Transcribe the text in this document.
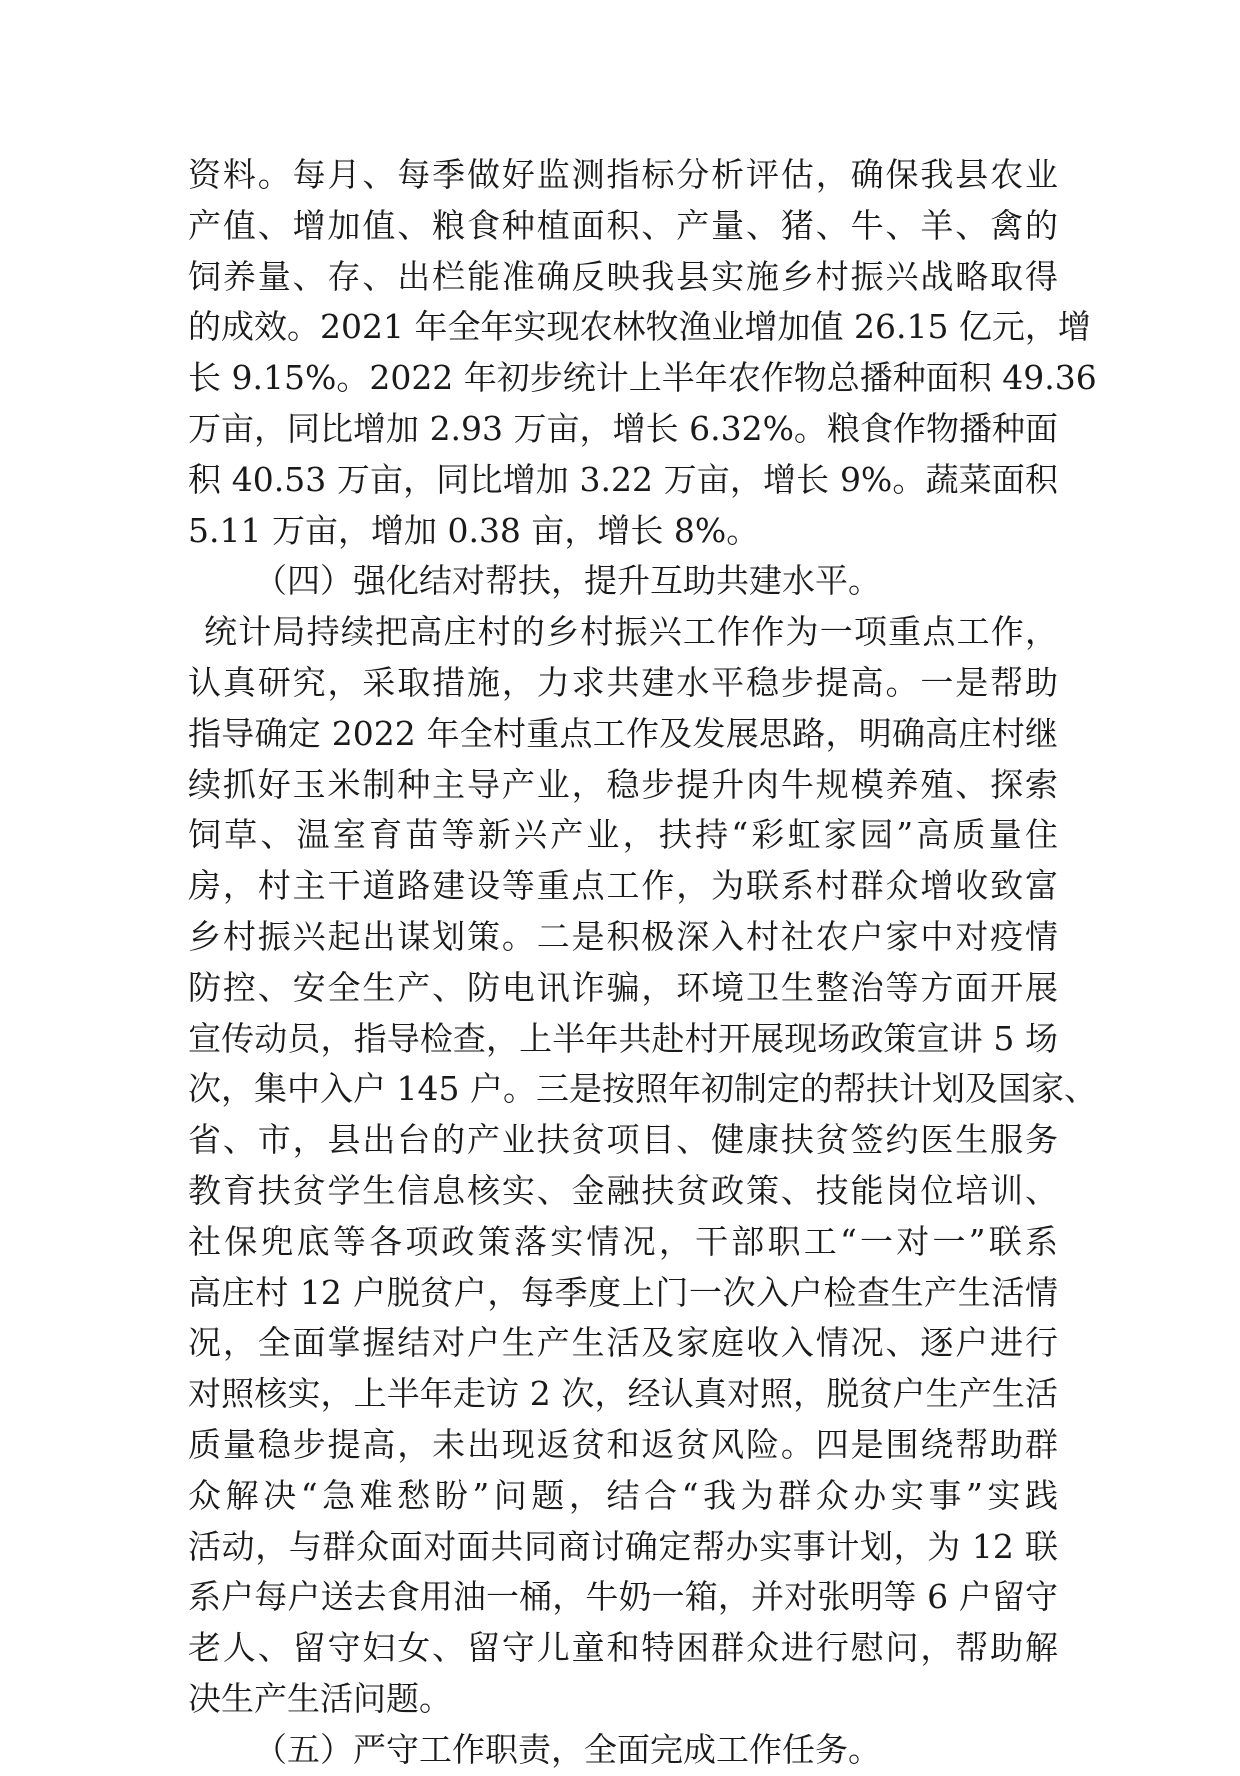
资料。每月、每季做好监测指标分析评估，确保我县农业
产值、增加值、粮食种植面积、产量、猪、牛、羊、禽的
饲养量、存、出栏能准确反映我县实施乡村振兴战略取得
的成效。2021 年全年实现农林牧渔业增加值 26.15 亿元，增
长 9.15%。2022 年初步统计上半年农作物总播种面积 49.36
万亩，同比增加 2.93 万亩，增长 6.32%。粮食作物播种面
积 40.53 万亩，同比增加 3.22 万亩，增长 9%。蔬菜面积
5.11 万亩，增加 0.38 亩，增长 8%。
（四）强化结对帮扶，提升互助共建水平。
统计局持续把高庄村的乡村振兴工作作为一项重点工作，
认真研究，采取措施，力求共建水平稳步提高。一是帮助
指导确定 2022 年全村重点工作及发展思路，明确高庄村继
续抓好玉米制种主导产业，稳步提升肉牛规模养殖、探索
饲草、温室育苗等新兴产业，扶持“彩虹家园”高质量住
房，村主干道路建设等重点工作，为联系村群众增收致富
乡村振兴起出谋划策。二是积极深入村社农户家中对疫情
防控、安全生产、防电讯诈骗，环境卫生整治等方面开展
宣传动员，指导检查，上半年共赴村开展现场政策宣讲 5 场
次，集中入户 145 户。三是按照年初制定的帮扶计划及国家、
省、市，县出台的产业扶贫项目、健康扶贫签约医生服务
教育扶贫学生信息核实、金融扶贫政策、技能岗位培训、
社保兜底等各项政策落实情况，干部职工“一对一”联系
高庄村 12 户脱贫户，每季度上门一次入户检查生产生活情
况，全面掌握结对户生产生活及家庭收入情况、逐户进行
对照核实，上半年走访 2 次，经认真对照，脱贫户生产生活
质量稳步提高，未出现返贫和返贫风险。四是围绕帮助群
众解决“急难愁盼”问题，结合“我为群众办实事”实践
活动，与群众面对面共同商讨确定帮办实事计划，为 12 联
系户每户送去食用油一桶，牛奶一箱，并对张明等 6 户留守
老人、留守妇女、留守儿童和特困群众进行慰问，帮助解
决生产生活问题。
（五）严守工作职责，全面完成工作任务。
